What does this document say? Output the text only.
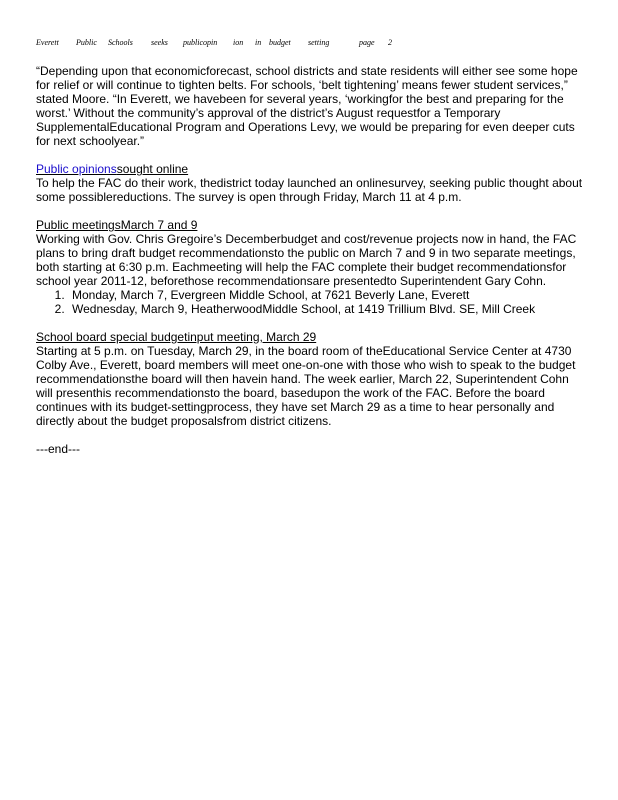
Everett	Public	Schools	seeks	publicopin	ion	in budget	setting	page	2

“Depending upon that economicforecast, school districts and state residents will either see some hope for relief or will continue to tighten belts. For schools, ‘belt tightening’ means fewer student services,” stated Moore. “In Everett, we havebeen for several years, ‘workingfor the best and preparing for the worst.’ Without the community’s approval of the district’s August requestfor a Temporary SupplementalEducational Program and Operations Levy, we would be preparing for even deeper cuts for next schoolyear.”

Public opinionssought online

To help the FAC do their work, thedistrict today launched an onlinesurvey, seeking public thought about some possiblereductions. The survey is open through Friday, March 11 at 4 p.m.

Public meetingsMarch 7 and 9

Working with Gov. Chris Gregoire’s Decemberbudget and cost/revenue projects now in hand, the FAC plans to bring draft budget recommendationsto the public on March 7 and 9 in two separate meetings, both starting at 6:30 p.m. Eachmeeting will help the FAC complete their budget recommendationsfor school year 2011-12, beforethose recommendationsare presentedto Superintendent Gary Cohn.

1. Monday, March 7, Evergreen Middle School, at 7621 Beverly Lane, Everett
2. Wednesday, March 9, HeatherwoodMiddle School, at 1419 Trillium Blvd. SE, Mill Creek
School board special budgetinput meeting, March 29

Starting at 5 p.m. on Tuesday, March 29, in the board room of theEducational Service Center at 4730 Colby Ave., Everett, board members will meet one-on-one with those who wish to speak to the budget recommendationsthe board will then havein hand. The week earlier, March 22, Superintendent Cohn will presenthis recommendationsto the board, basedupon the work of the FAC. Before the board continues with its budget-settingprocess, they have set March 29 as a time to hear personally and directly about the budget proposalsfrom district citizens.

---end---
